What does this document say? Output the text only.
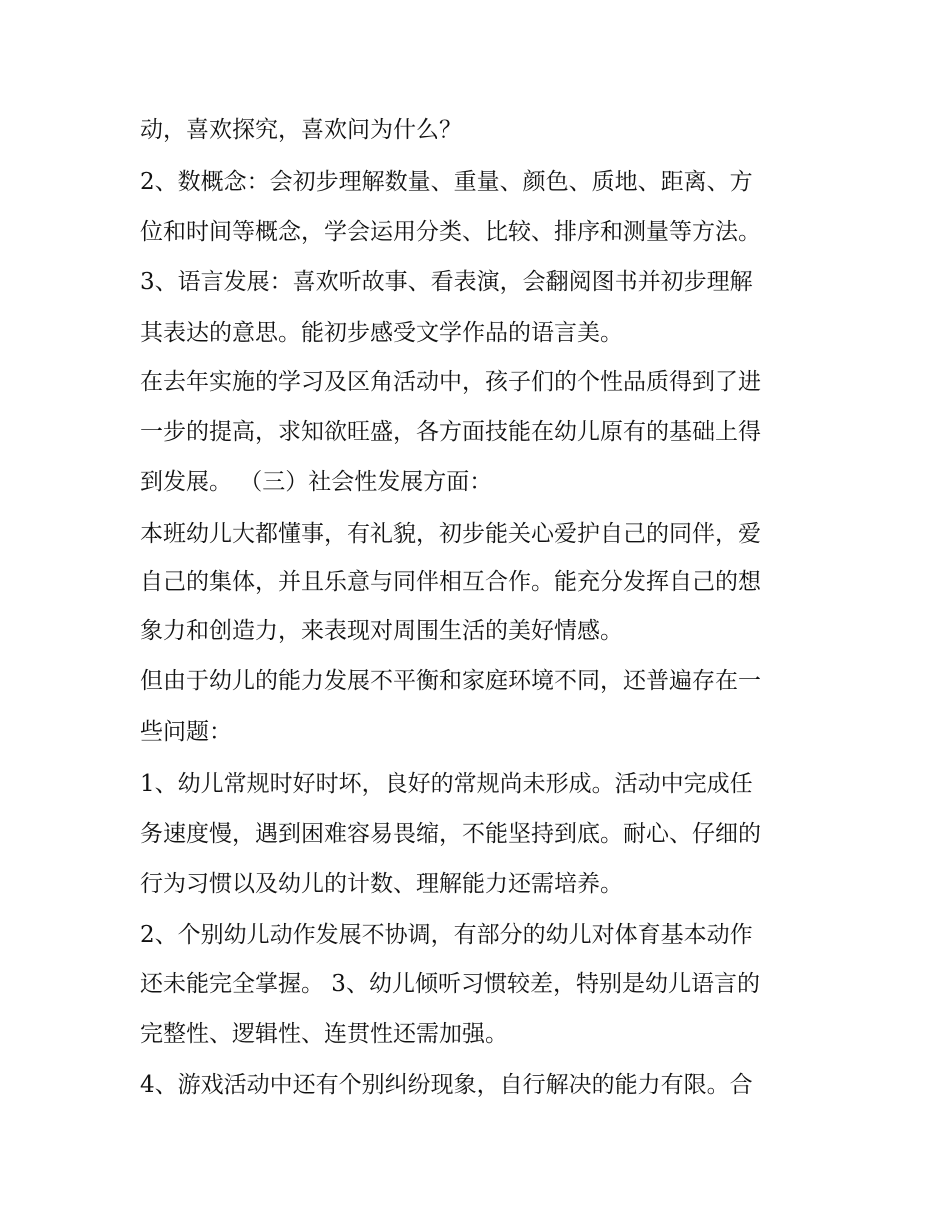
动，喜欢探究，喜欢问为什么？
2、数概念：会初步理解数量、重量、颜色、质地、距离、方
位和时间等概念，学会运用分类、比较、排序和测量等方法。
3、语言发展：喜欢听故事、看表演，会翻阅图书并初步理解
其表达的意思。能初步感受文学作品的语言美。
在去年实施的学习及区角活动中，孩子们的个性品质得到了进
一步的提高，求知欲旺盛，各方面技能在幼儿原有的基础上得
到发展。 （三）社会性发展方面：
本班幼儿大都懂事，有礼貌，初步能关心爱护自己的同伴，爱
自己的集体，并且乐意与同伴相互合作。能充分发挥自己的想
象力和创造力，来表现对周围生活的美好情感。
但由于幼儿的能力发展不平衡和家庭环境不同，还普遍存在一
些问题：
1、幼儿常规时好时坏，良好的常规尚未形成。活动中完成任
务速度慢，遇到困难容易畏缩，不能坚持到底。耐心、仔细的
行为习惯以及幼儿的计数、理解能力还需培养。
2、个别幼儿动作发展不协调，有部分的幼儿对体育基本动作
还未能完全掌握。 3、幼儿倾听习惯较差，特别是幼儿语言的
完整性、逻辑性、连贯性还需加强。
4、游戏活动中还有个别纠纷现象，自行解决的能力有限。合
